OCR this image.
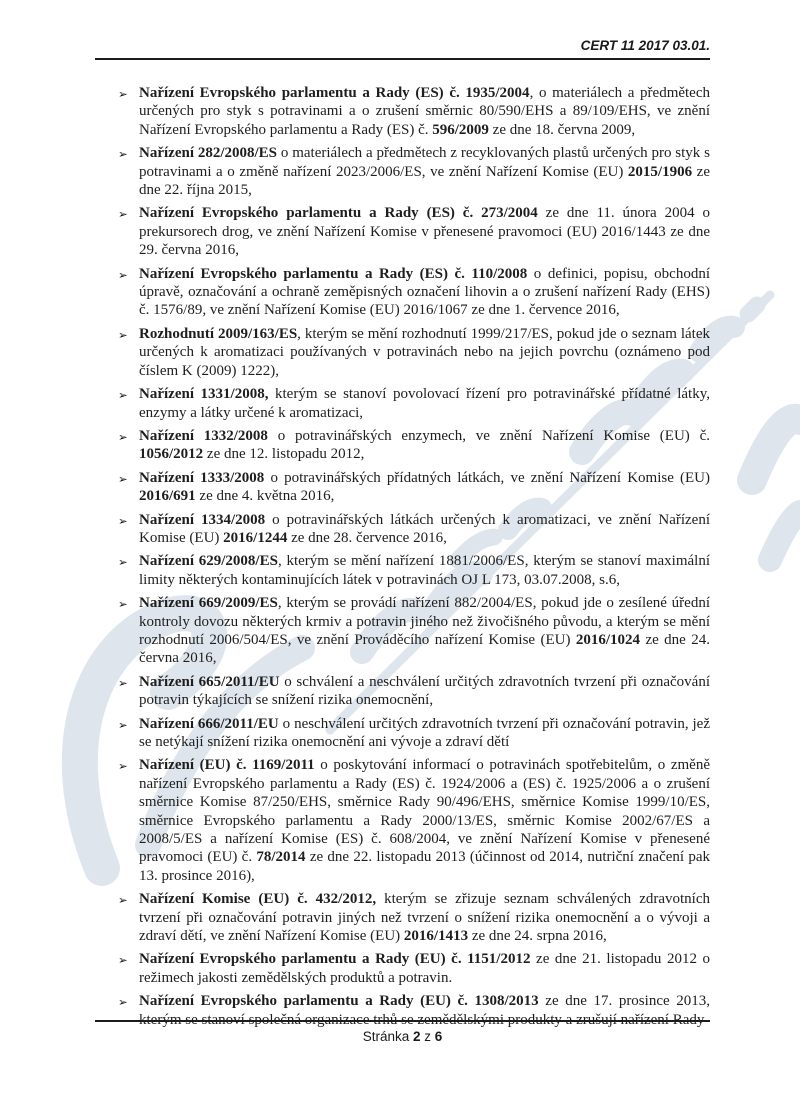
CERT 11 2017 03.01.
➢ Nařízení Evropského parlamentu a Rady (ES) č. 1935/2004, o materiálech a předmětech určených pro styk s potravinami a o zrušení směrnic 80/590/EHS a 89/109/EHS, ve znění Nařízení Evropského parlamentu a Rady (ES) č. 596/2009 ze dne 18. června 2009,
➢ Nařízení 282/2008/ES o materiálech a předmětech z recyklovaných plastů určených pro styk s potravinami a o změně nařízení 2023/2006/ES, ve znění Nařízení Komise (EU) 2015/1906 ze dne 22. října 2015,
➢ Nařízení Evropského parlamentu a Rady (ES) č. 273/2004 ze dne 11. února 2004 o prekursorech drog, ve znění Nařízení Komise v přenesené pravomoci (EU) 2016/1443 ze dne 29. června 2016,
➢ Nařízení Evropského parlamentu a Rady (ES) č. 110/2008 o definici, popisu, obchodní úpravě, označování a ochraně zeměpisných označení lihovin a o zrušení nařízení Rady (EHS) č. 1576/89, ve znění Nařízení Komise (EU) 2016/1067 ze dne 1. července 2016,
➢ Rozhodnutí 2009/163/ES, kterým se mění rozhodnutí 1999/217/ES, pokud jde o seznam látek určených k aromatizaci používaných v potravinách nebo na jejich povrchu (oznámeno pod číslem K (2009) 1222),
➢ Nařízení 1331/2008, kterým se stanoví povolovací řízení pro potravinářské přídatné látky, enzymy a látky určené k aromatizaci,
➢ Nařízení 1332/2008 o potravinářských enzymech, ve znění Nařízení Komise (EU) č. 1056/2012 ze dne 12. listopadu 2012,
➢ Nařízení 1333/2008 o potravinářských přídatných látkách, ve znění Nařízení Komise (EU) 2016/691 ze dne 4. května 2016,
➢ Nařízení 1334/2008 o potravinářských látkách určených k aromatizaci, ve znění Nařízení Komise (EU) 2016/1244 ze dne 28. července 2016,
➢ Nařízení 629/2008/ES, kterým se mění nařízení 1881/2006/ES, kterým se stanoví maximální limity některých kontaminujících látek v potravinách OJ L 173, 03.07.2008, s.6,
➢ Nařízení 669/2009/ES, kterým se provádí nařízení 882/2004/ES, pokud jde o zesílené úřední kontroly dovozu některých krmiv a potravin jiného než živočišného původu, a kterým se mění rozhodnutí 2006/504/ES, ve znění Prováděcího nařízení Komise (EU) 2016/1024 ze dne 24. června 2016,
➢ Nařízení 665/2011/EU o schválení a neschválení určitých zdravotních tvrzení při označování potravin týkajících se snížení rizika onemocnění,
➢ Nařízení 666/2011/EU o neschválení určitých zdravotních tvrzení při označování potravin, jež se netýkají snížení rizika onemocnění ani vývoje a zdraví dětí
➢ Nařízení (EU) č. 1169/2011 o poskytování informací o potravinách spotřebitelům, o změně nařízení Evropského parlamentu a Rady (ES) č. 1924/2006 a (ES) č. 1925/2006 a o zrušení směrnice Komise 87/250/EHS, směrnice Rady 90/496/EHS, směrnice Komise 1999/10/ES, směrnice Evropského parlamentu a Rady 2000/13/ES, směrnic Komise 2002/67/ES a 2008/5/ES a nařízení Komise (ES) č. 608/2004, ve znění Nařízení Komise v přenesené pravomoci (EU) č. 78/2014 ze dne 22. listopadu 2013 (účinnost od 2014, nutriční značení pak 13. prosince 2016),
➢ Nařízení Komise (EU) č. 432/2012, kterým se zřizuje seznam schválených zdravotních tvrzení při označování potravin jiných než tvrzení o snížení rizika onemocnění a o vývoji a zdraví dětí, ve znění Nařízení Komise (EU) 2016/1413 ze dne 24. srpna 2016,
➢ Nařízení Evropského parlamentu a Rady (EU) č. 1151/2012 ze dne 21. listopadu 2012 o režimech jakosti zemědělských produktů a potravin.
➢ Nařízení Evropského parlamentu a Rady (EU) č. 1308/2013 ze dne 17. prosince 2013, kterým se stanoví společná organizace trhů se zemědělskými produkty a zrušují nařízení Rady
Stránka 2 z 6
